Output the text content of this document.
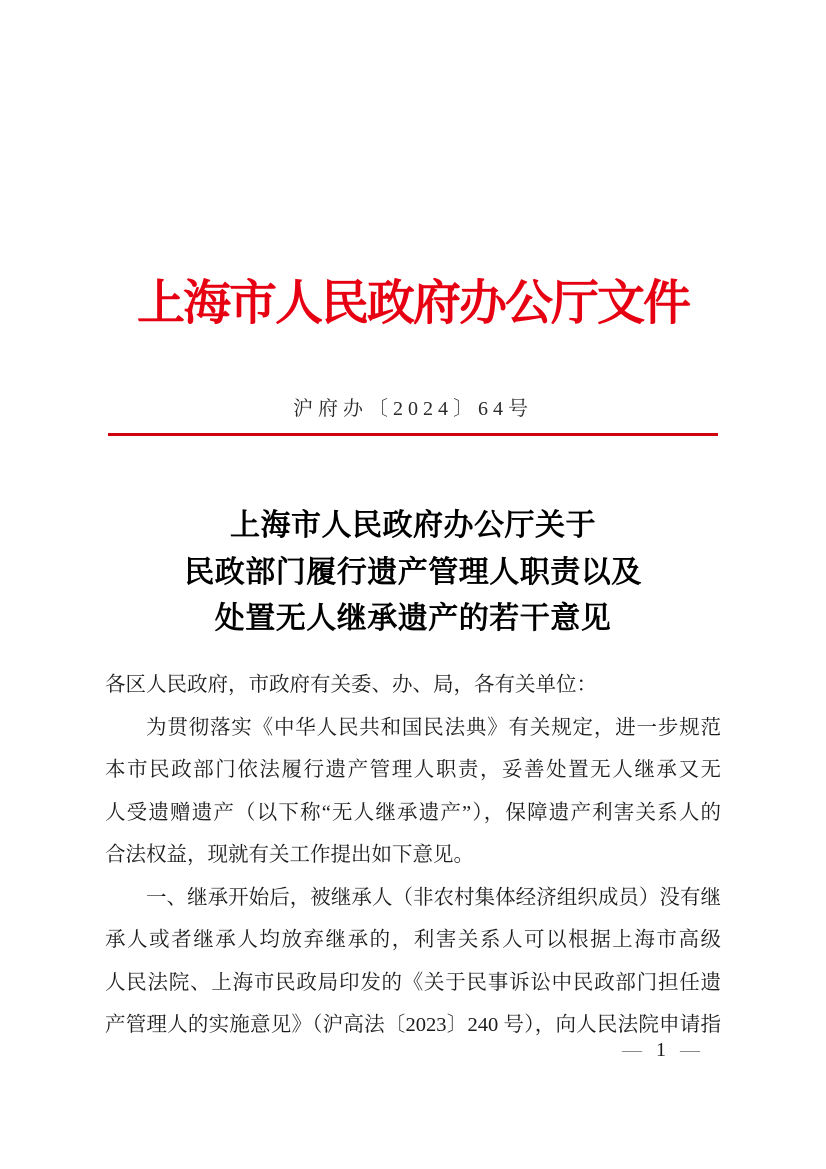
上海市人民政府办公厅文件
沪府办〔2024〕64号
上海市人民政府办公厅关于
民政部门履行遗产管理人职责以及
处置无人继承遗产的若干意见
各区人民政府，市政府有关委、办、局，各有关单位：
为贯彻落实《中华人民共和国民法典》有关规定，进一步规范
本市民政部门依法履行遗产管理人职责，妥善处置无人继承又无
人受遗赠遗产（以下称“无人继承遗产”），保障遗产利害关系人的
合法权益，现就有关工作提出如下意见。
一、继承开始后，被继承人（非农村集体经济组织成员）没有继
承人或者继承人均放弃继承的，利害关系人可以根据上海市高级
人民法院、上海市民政局印发的《关于民事诉讼中民政部门担任遗
产管理人的实施意见》（沪高法〔2023〕240 号），向人民法院申请指
— 1 —
